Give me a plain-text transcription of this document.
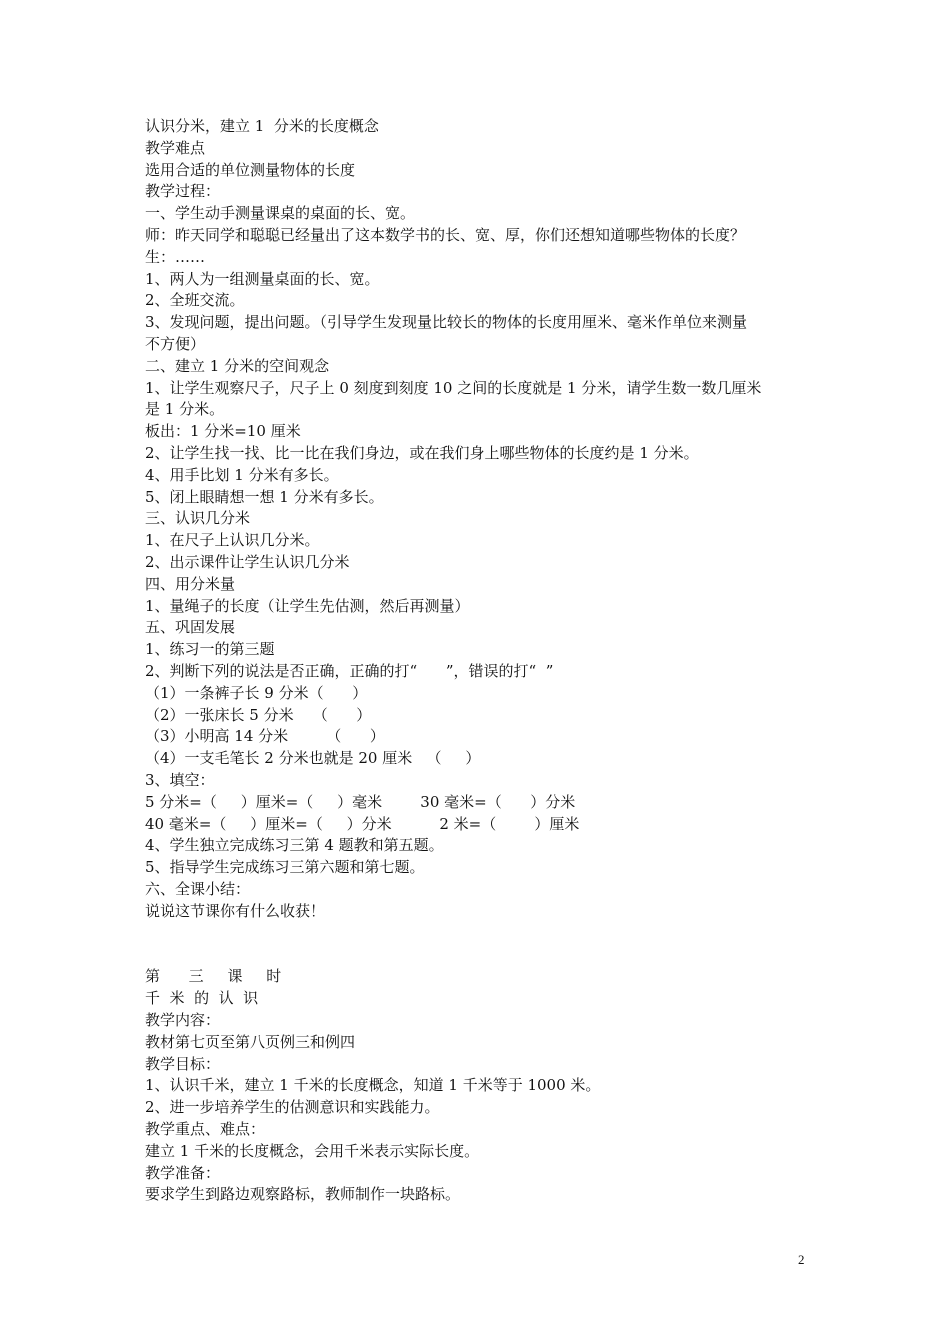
认识分米，建立 1  分米的长度概念

教学难点

选用合适的单位测量物体的长度

教学过程：

一、学生动手测量课桌的桌面的长、宽。

师：昨天同学和聪聪已经量出了这本数学书的长、宽、厚，你们还想知道哪些物体的长度？

生：……

1、两人为一组测量桌面的长、宽。

2、全班交流。

3、发现问题，提出问题。（引导学生发现量比较长的物体的长度用厘米、毫米作单位来测量

不方便）

二、建立 1 分米的空间观念

1、让学生观察尺子，尺子上 0 刻度到刻度 10 之间的长度就是 1 分米，请学生数一数几厘米

是 1 分米。

板出：1 分米=10 厘米

2、让学生找一找、比一比在我们身边，或在我们身上哪些物体的长度约是 1 分米。

4、用手比划 1 分米有多长。

5、闭上眼睛想一想 1 分米有多长。

三、认识几分米

1、在尺子上认识几分米。

2、出示课件让学生认识几分米

四、用分米量

1、量绳子的长度（让学生先估测，然后再测量）

五、巩固发展

1、练习一的第三题

2、判断下列的说法是否正确，正确的打“      ”，错误的打“  ”

（1）一条裤子长 9 分米（      ）

（2）一张床长 5 分米    （      ）

（3）小明高 14 分米        （      ）

（4）一支毛笔长 2 分米也就是 20 厘米   （     ）

3、填空：

5 分米=（     ）厘米=（     ）毫米        30 毫米=（      ）分米

40 毫米=（     ）厘米=（     ）分米          2 米=（        ）厘米

4、学生独立完成练习三第 4 题教和第五题。

5、指导学生完成练习三第六题和第七题。

六、全课小结：

说说这节课你有什么收获！

第      三     课     时

千  米  的  认  识

教学内容：

教材第七页至第八页例三和例四

教学目标：

1、认识千米，建立 1 千米的长度概念，知道 1 千米等于 1000 米。

2、进一步培养学生的估测意识和实践能力。

教学重点、难点：

建立 1 千米的长度概念，会用千米表示实际长度。

教学准备：

要求学生到路边观察路标，教师制作一块路标。

2
